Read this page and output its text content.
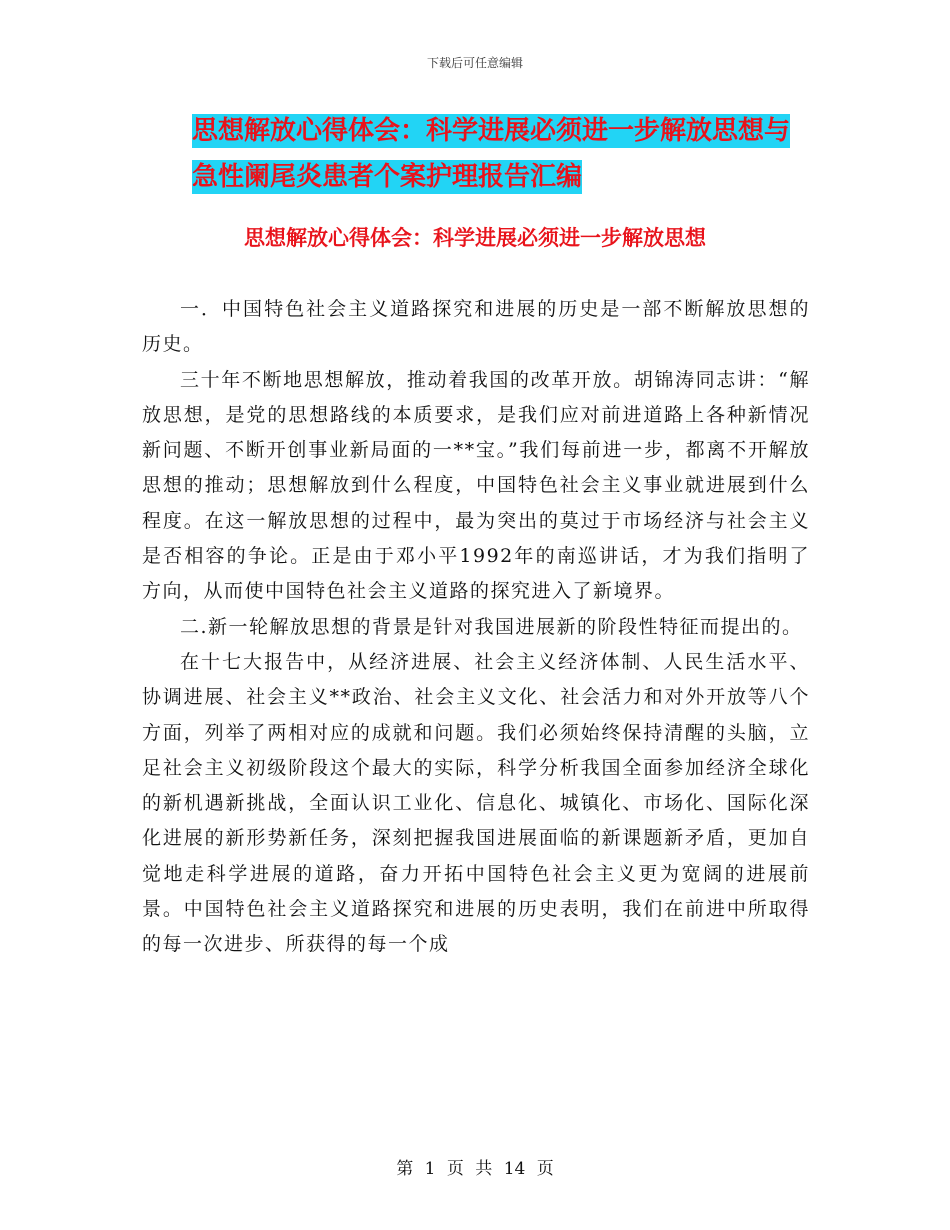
下载后可任意编辑
思想解放心得体会：科学进展必须进一步解放思想与
急性阑尾炎患者个案护理报告汇编
思想解放心得体会：科学进展必须进一步解放思想

一．中国特色社会主义道路探究和进展的历史是一部不断解放思想的历史。

三十年不断地思想解放，推动着我国的改革开放。胡锦涛同志讲：“解放思想，是党的思想路线的本质要求，是我们应对前进道路上各种新情况新问题、不断开创事业新局面的一**宝。”我们每前进一步，都离不开解放思想的推动；思想解放到什么程度，中国特色社会主义事业就进展到什么程度。在这一解放思想的过程中，最为突出的莫过于市场经济与社会主义是否相容的争论。正是由于邓小平1992年的南巡讲话，才为我们指明了方向，从而使中国特色社会主义道路的探究进入了新境界。

二.新一轮解放思想的背景是针对我国进展新的阶段性特征而提出的。

在十七大报告中，从经济进展、社会主义经济体制、人民生活水平、协调进展、社会主义**政治、社会主义文化、社会活力和对外开放等八个方面，列举了两相对应的成就和问题。我们必须始终保持清醒的头脑，立足社会主义初级阶段这个最大的实际，科学分析我国全面参加经济全球化的新机遇新挑战，全面认识工业化、信息化、城镇化、市场化、国际化深化进展的新形势新任务，深刻把握我国进展面临的新课题新矛盾，更加自觉地走科学进展的道路，奋力开拓中国特色社会主义更为宽阔的进展前景。中国特色社会主义道路探究和进展的历史表明，我们在前进中所取得的每一次进步、所获得的每一个成

第 1 页 共 14 页
